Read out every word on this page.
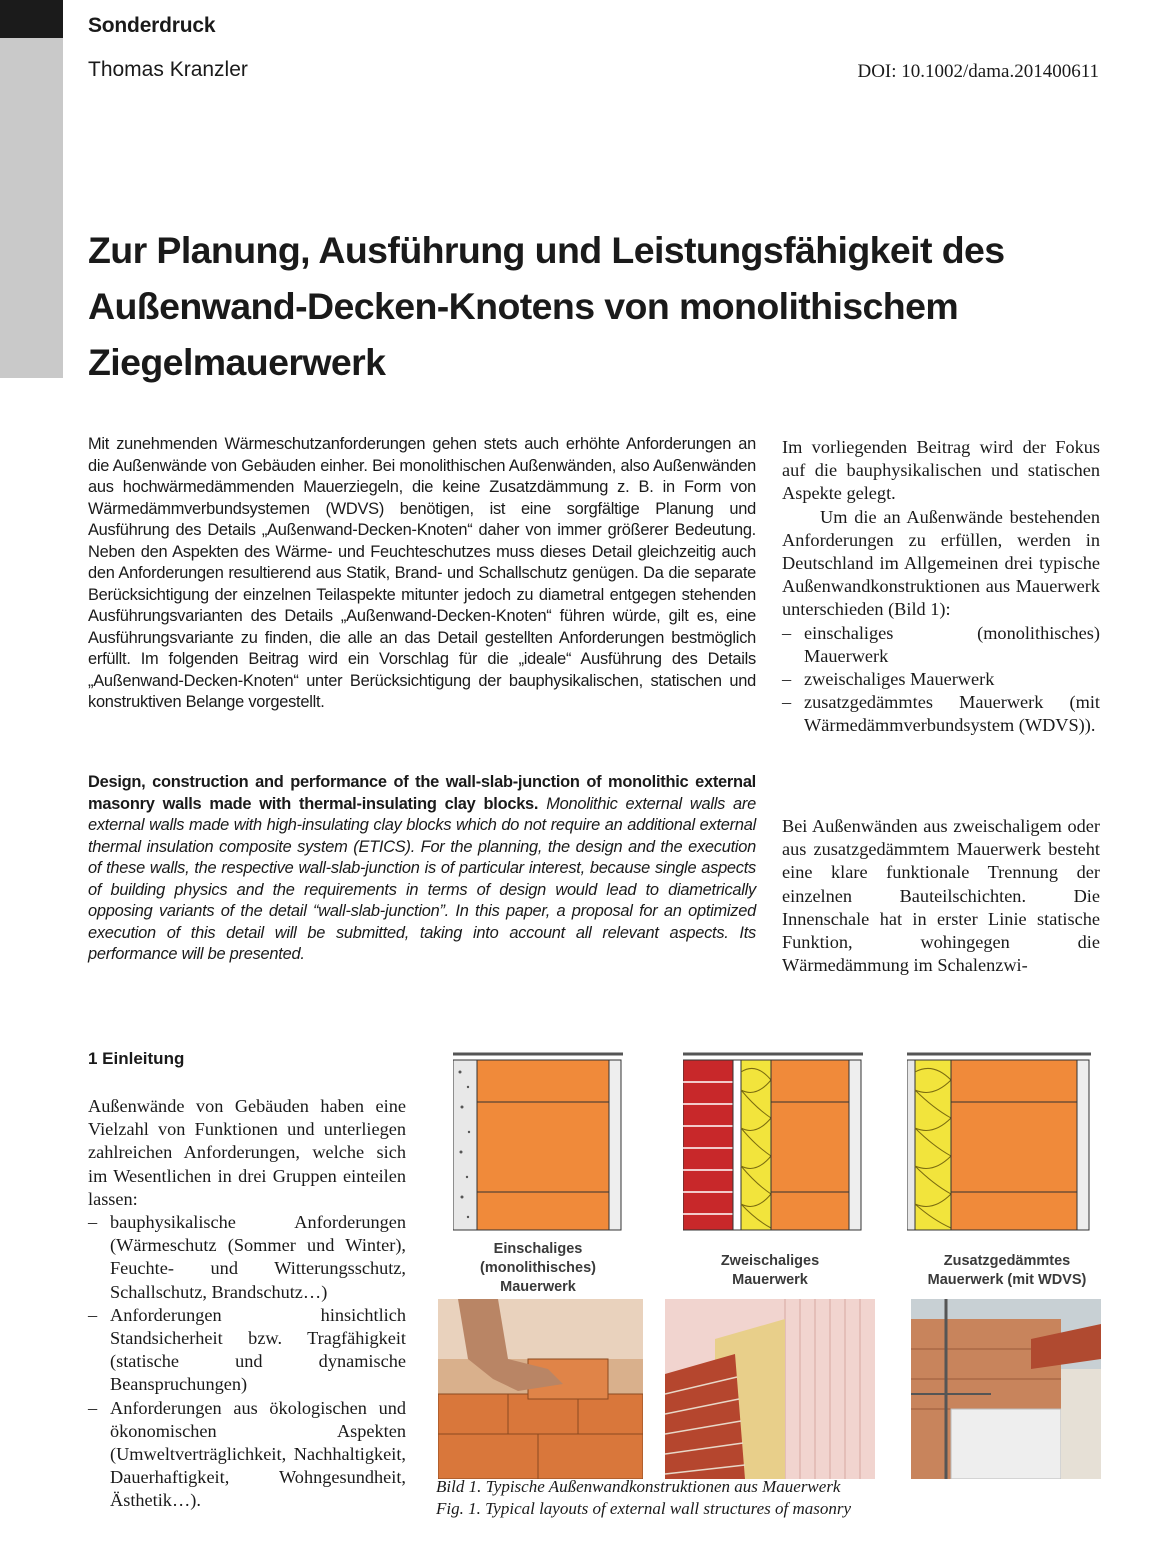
Sonderdruck
Thomas Kranzler	DOI: 10.1002/dama.201400611
Zur Planung, Ausführung und Leistungsfähigkeit des Außenwand-Decken-Knotens von monolithischem Ziegelmauerwerk
Mit zunehmenden Wärmeschutzanforderungen gehen stets auch erhöhte Anforderungen an die Außenwände von Gebäuden einher. Bei monolithischen Außenwänden, also Außenwänden aus hochwärmedämmenden Mauerziegeln, die keine Zusatzdämmung z. B. in Form von Wärmedämmverbundsystemen (WDVS) benötigen, ist eine sorgfältige Planung und Ausführung des Details „Außenwand-Decken-Knoten“ daher von immer größerer Bedeutung. Neben den Aspekten des Wärme- und Feuchteschutzes muss dieses Detail gleichzeitig auch den Anforderungen resultierend aus Statik, Brand- und Schallschutz genügen. Da die separate Berücksichtigung der einzelnen Teilaspekte mitunter jedoch zu diametral entgegen stehenden Ausführungsvarianten des Details „Außenwand-Decken-Knoten“ führen würde, gilt es, eine Ausführungsvariante zu finden, die alle an das Detail gestellten Anforderungen bestmöglich erfüllt. Im folgenden Beitrag wird ein Vorschlag für die „ideale“ Ausführung des Details „Außenwand-Decken-Knoten“ unter Berücksichtigung der bauphysikalischen, statischen und konstruktiven Belange vorgestellt.
Design, construction and performance of the wall-slab-junction of monolithic external masonry walls made with thermal-insulating clay blocks. Monolithic external walls are external walls made with high-insulating clay blocks which do not require an additional external thermal insulation composite system (ETICS). For the planning, the design and the execution of these walls, the respective wall-slab-junction is of particular interest, because single aspects of building physics and the requirements in terms of design would lead to diametrically opposing variants of the detail “wall-slab-junction”. In this paper, a proposal for an optimized execution of this detail will be submitted, taking into account all relevant aspects. Its performance will be presented.

Im vorliegenden Beitrag wird der Fokus auf die bauphysikalischen und statischen Aspekte gelegt.

Um die an Außenwände bestehenden Anforderungen zu erfüllen, werden in Deutschland im Allgemeinen drei typische Außenwandkonstruktionen aus Mauerwerk unterschieden (Bild 1):

– einschaliges (monolithisches) Mauerwerk
– zweischaliges Mauerwerk
– zusatzgedämmtes Mauerwerk (mit Wärmedämmverbundsystem (WDVS)).

Bei Außenwänden aus zweischaligem oder aus zusatzgedämmtem Mauerwerk besteht eine klare funktionale Trennung der einzelnen Bauteilschichten. Die Innenschale hat in erster Linie statische Funktion, wohingegen die Wärmedämmung im Schalenzwi-

1 Einleitung

Außenwände von Gebäuden haben eine Vielzahl von Funktionen und unterliegen zahlreichen Anforderungen, welche sich im Wesentlichen in drei Gruppen einteilen lassen:

– bauphysikalische Anforderungen (Wärmeschutz (Sommer und Winter), Feuchte- und Witterungsschutz, Schallschutz, Brandschutz…)
– Anforderungen hinsichtlich Standsicherheit bzw. Tragfähigkeit (statische und dynamische Beanspruchungen)
– Anforderungen aus ökologischen und ökonomischen Aspekten (Umweltverträglichkeit, Nachhaltigkeit, Dauerhaftigkeit, Wohngesundheit, Ästhetik…).
Einschaliges (monolithisches) Mauerwerk
Zweischaliges Mauerwerk
Zusatzgedämmtes Mauerwerk (mit WDVS)
Bild 1. Typische Außenwandkonstruktionen aus Mauerwerk
Fig. 1. Typical layouts of external wall structures of masonry
